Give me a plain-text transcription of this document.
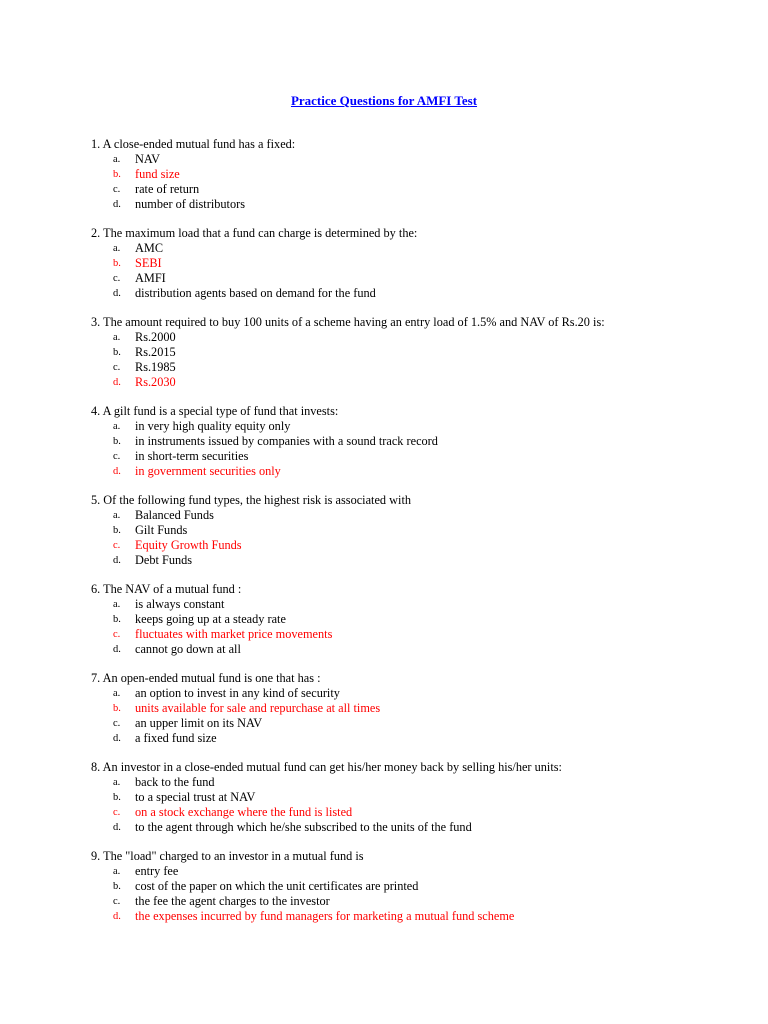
Practice Questions for AMFI Test
1. A close-ended mutual fund has a fixed:
a.	NAV
b.	fund size
c.	rate of return
d.	number of distributors
2. The maximum load that a fund can charge is determined by the:
a.	AMC
b.	SEBI
c.	AMFI
d.	distribution agents based on demand for the fund
3. The amount required to buy 100 units of a scheme having an entry load of 1.5% and NAV of Rs.20 is:
a.	Rs.2000
b.	Rs.2015
c.	Rs.1985
d.	Rs.2030
4. A gilt fund is a special type of fund that invests:
a.	in very high quality equity only
b.	in instruments issued by companies with a sound track record
c.	in short-term securities
d.	in government securities only
5. Of the following fund types, the highest risk is associated with
a.	Balanced Funds
b.	Gilt Funds
c.	Equity Growth Funds
d.	Debt Funds
6. The NAV of a mutual fund :
a.	is always constant
b.	keeps going up at a steady rate
c.	fluctuates with market price movements
d.	cannot go down at all
7. An open-ended mutual fund is one that has :
a.	an option to invest in any kind of security
b.	units available for sale and repurchase at all times
c.	an upper limit on its NAV
d.	a fixed fund size
8. An investor in a close-ended mutual fund can get his/her money back by selling his/her units:
a.	back to the fund
b.	to a special trust at NAV
c.	on a stock exchange where the fund is listed
d.	to the agent through which he/she subscribed to the units of the fund
9. The "load" charged to an investor in a mutual fund is
a.	entry fee
b.	cost of the paper on which the unit certificates are printed
c.	the fee the agent charges to the investor
d.	the expenses incurred by fund managers for marketing a mutual fund scheme
